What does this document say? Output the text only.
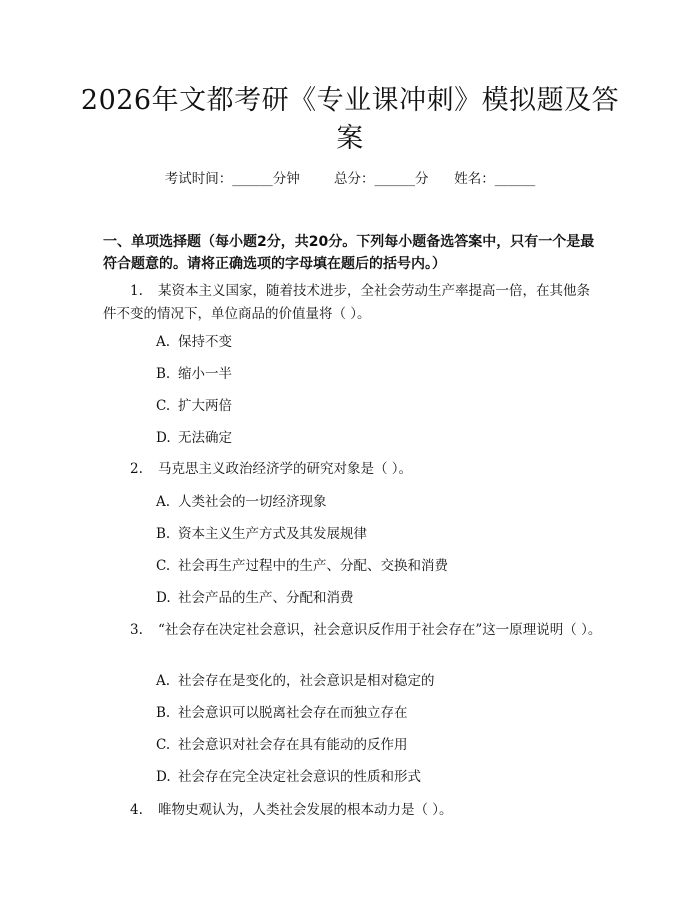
2026年文都考研《专业课冲刺》模拟题及答案
考试时间：______分钟	总分：______分 姓名：______
一、单项选择题（每小题2分，共20分。下列每小题备选答案中，只有一个是最符合题意的。请将正确选项的字母填在题后的括号内。）
1. 某资本主义国家，随着技术进步，全社会劳动生产率提高一倍，在其他条件不变的情况下，单位商品的价值量将（ ）。
A. 保持不变
B. 缩小一半
C. 扩大两倍
D. 无法确定
2. 马克思主义政治经济学的研究对象是（ ）。
A. 人类社会的一切经济现象
B. 资本主义生产方式及其发展规律
C. 社会再生产过程中的生产、分配、交换和消费
D. 社会产品的生产、分配和消费
3. “社会存在决定社会意识，社会意识反作用于社会存在”这一原理说明（ ）。
A. 社会存在是变化的，社会意识是相对稳定的
B. 社会意识可以脱离社会存在而独立存在
C. 社会意识对社会存在具有能动的反作用
D. 社会存在完全决定社会意识的性质和形式
4. 唯物史观认为，人类社会发展的根本动力是（ ）。
